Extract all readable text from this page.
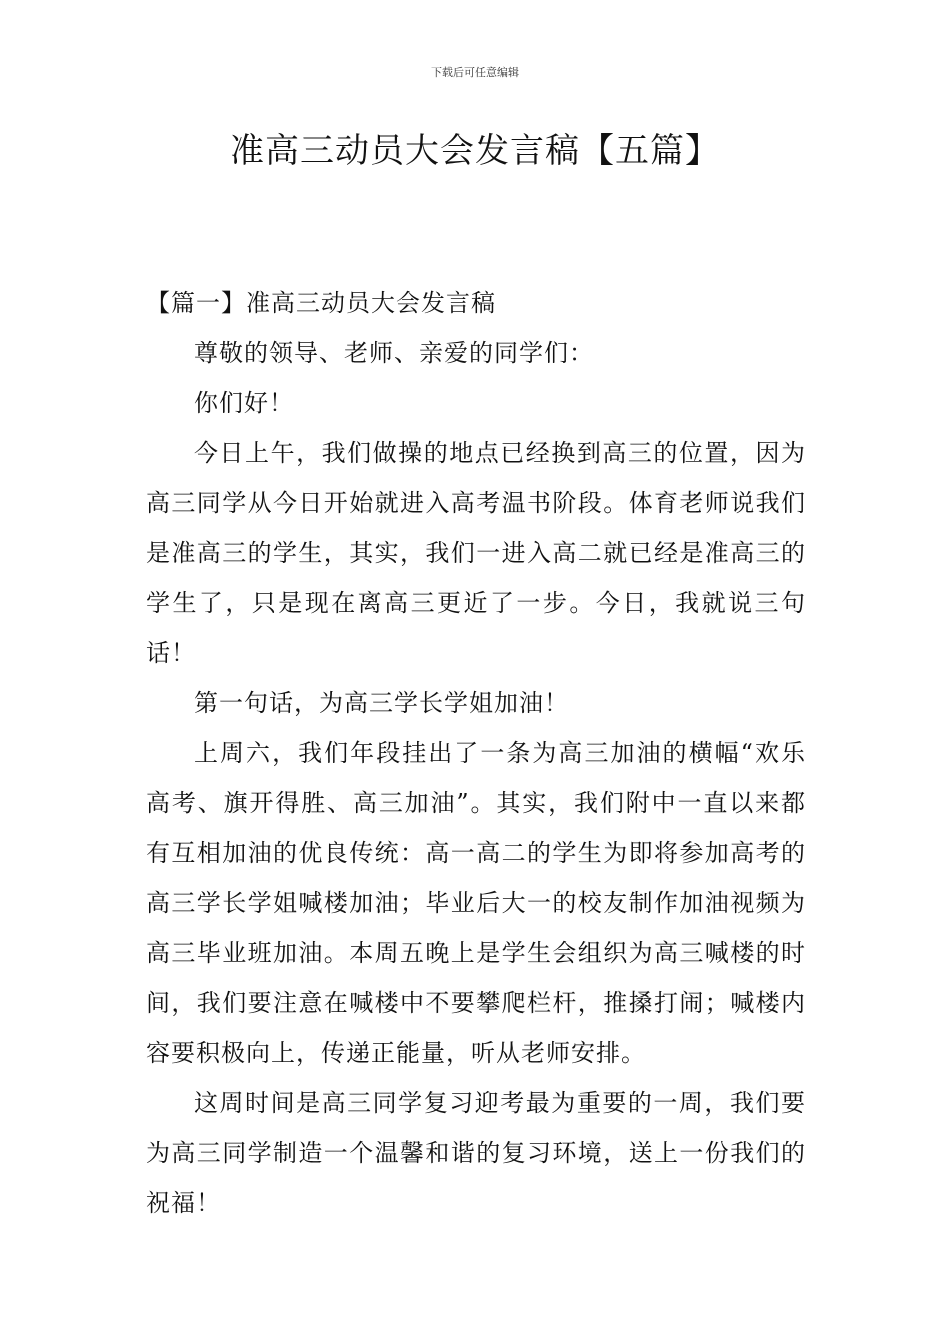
下载后可任意编辑
准高三动员大会发言稿【五篇】

【篇一】准高三动员大会发言稿

尊敬的领导、老师、亲爱的同学们：

你们好！

今日上午，我们做操的地点已经换到高三的位置，因为高三同学从今日开始就进入高考温书阶段。体育老师说我们是准高三的学生，其实，我们一进入高二就已经是准高三的学生了，只是现在离高三更近了一步。今日，我就说三句话！

第一句话，为高三学长学姐加油！

上周六，我们年段挂出了一条为高三加油的横幅“欢乐高考、旗开得胜、高三加油”。其实，我们附中一直以来都有互相加油的优良传统：高一高二的学生为即将参加高考的高三学长学姐喊楼加油；毕业后大一的校友制作加油视频为高三毕业班加油。本周五晚上是学生会组织为高三喊楼的时间，我们要注意在喊楼中不要攀爬栏杆，推搡打闹；喊楼内容要积极向上，传递正能量，听从老师安排。

这周时间是高三同学复习迎考最为重要的一周，我们要为高三同学制造一个温馨和谐的复习环境，送上一份我们的祝福！
